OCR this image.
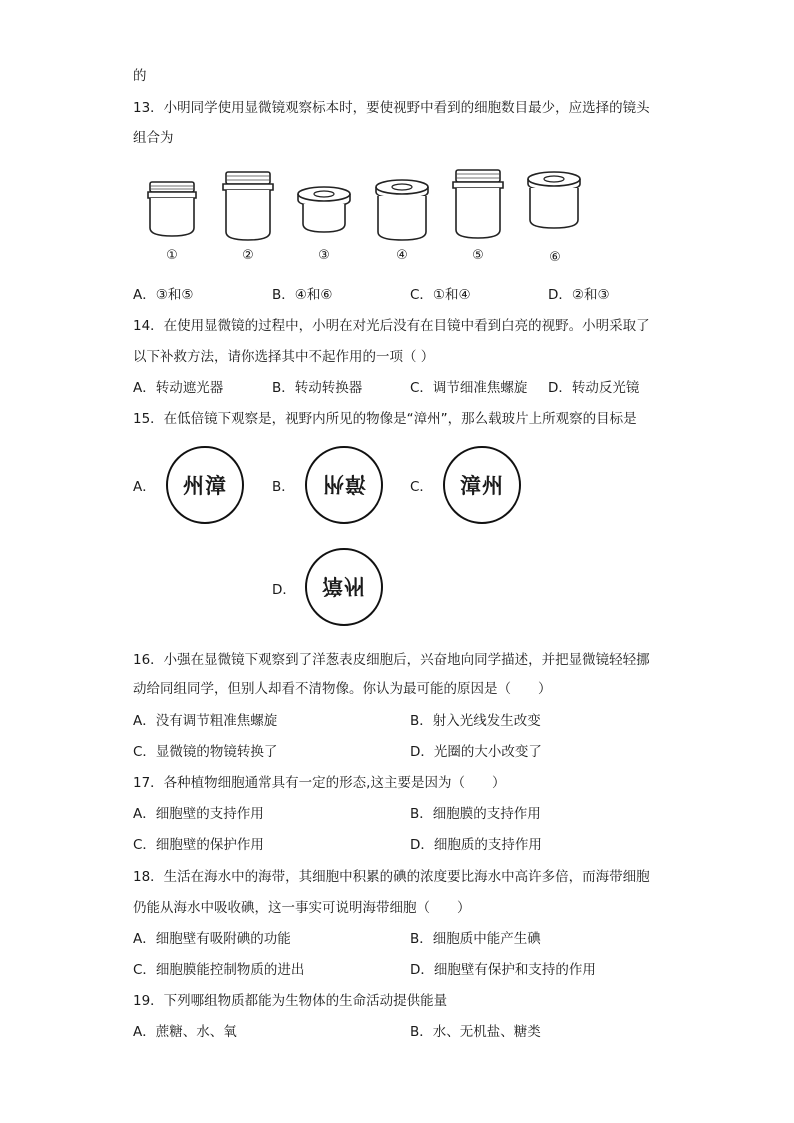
的
13．小明同学使用显微镜观察标本时，要使视野中看到的细胞数目最少，应选择的镜头
组合为
①	②	③	④	⑤	⑥
A．③和⑤	B．④和⑥	C．①和④	D．②和③
14．在使用显微镜的过程中，小明在对光后没有在目镜中看到白亮的视野。小明采取了
以下补救方法，请你选择其中不起作用的一项（ ）
A．转动遮光器	B．转动转换器	C．调节细准焦螺旋 D．转动反光镜
15．在低倍镜下观察是，视野内所见的物像是“漳州”，那么载玻片上所观察的目标是
A． 州漳	B． 漳州	C． 漳州
D． 漳州
16．小强在显微镜下观察到了洋葱表皮细胞后，兴奋地向同学描述，并把显微镜轻轻挪
动给同组同学，但别人却看不清物像。你认为最可能的原因是（　　）
A．没有调节粗准焦螺旋	B．射入光线发生改变
C．显微镜的物镜转换了	D．光圈的大小改变了
17．各种植物细胞通常具有一定的形态,这主要是因为（　　）
A．细胞壁的支持作用	B．细胞膜的支持作用
C．细胞壁的保护作用	D．细胞质的支持作用
18．生活在海水中的海带，其细胞中积累的碘的浓度要比海水中高许多倍，而海带细胞
仍能从海水中吸收碘，这一事实可说明海带细胞（　　）
A．细胞壁有吸附碘的功能	B．细胞质中能产生碘
C．细胞膜能控制物质的进出	D．细胞壁有保护和支持的作用
19．下列哪组物质都能为生物体的生命活动提供能量
A．蔗糖、水、氧	B．水、无机盐、糖类
